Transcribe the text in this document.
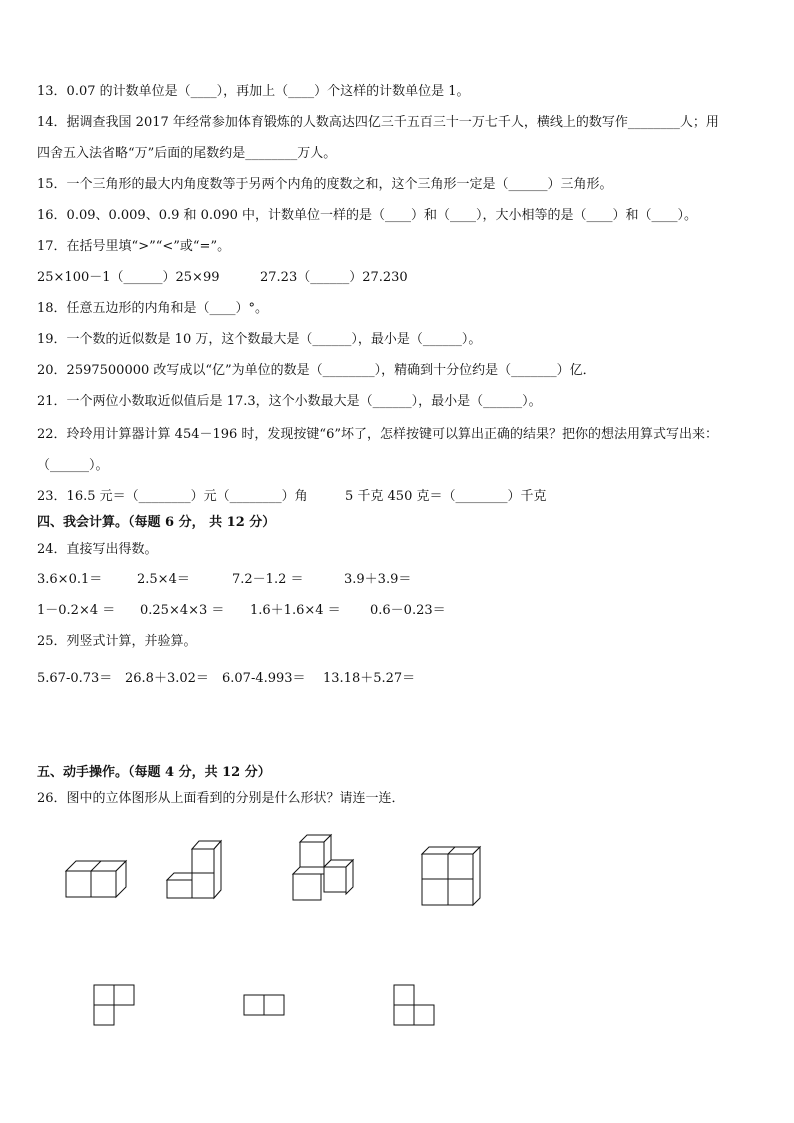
13．0.07 的计数单位是（____），再加上（____）个这样的计数单位是 1。
14．据调查我国 2017 年经常参加体育锻炼的人数高达四亿三千五百三十一万七千人，横线上的数写作________人；用
四舍五入法省略“万”后面的尾数约是________万人。
15．一个三角形的最大内角度数等于另两个内角的度数之和，这个三角形一定是（______）三角形。
16．0.09、0.009、0.9 和 0.090 中，计数单位一样的是（____）和（____），大小相等的是（____）和（____）。
17．在括号里填“>”“<”或“=”。
25×100－1（______）25×99	27.23（______）27.230
18．任意五边形的内角和是（____）°。
19．一个数的近似数是 10 万，这个数最大是（______），最小是（______）。
20．2597500000 改写成以“亿”为单位的数是（________），精确到十分位约是（_______）亿．
21．一个两位小数取近似值后是 17.3，这个小数最大是（______），最小是（______）。
22．玲玲用计算器计算 454－196 时，发现按键“6”坏了，怎样按键可以算出正确的结果？把你的想法用算式写出来：
（______）。
23．16.5 元＝（________）元（________）角	5 千克 450 克＝（________）千克
四、我会计算。（每题 6 分， 共 12 分）
24．直接写出得数。
3.6×0.1＝	2.5×4＝	7.2－1.2 ＝	3.9＋3.9＝
1－0.2×4 ＝ 0.25×4×3 ＝ 1.6＋1.6×4 ＝ 0.6－0.23＝
25．列竖式计算，并验算。
5.67-0.73＝ 26.8＋3.02＝ 6.07-4.993＝ 13.18＋5.27＝
五、动手操作。（每题 4 分，共 12 分）
26．图中的立体图形从上面看到的分别是什么形状？请连一连．
